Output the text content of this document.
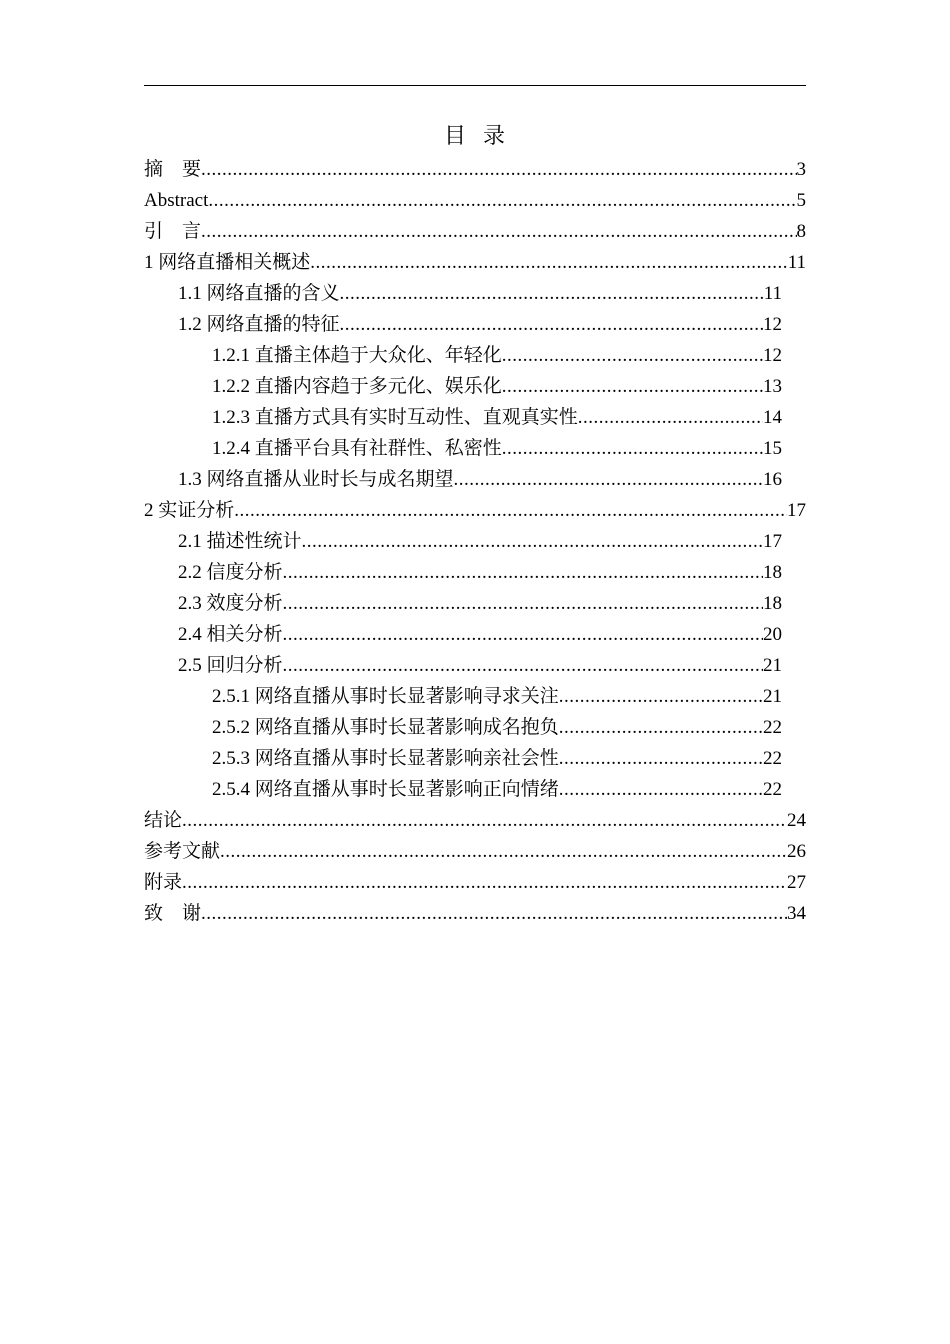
目  录
摘    要 .....	3
Abstract .....	5
引    言 .....	8
1 网络直播相关概述 .....	11
1.1 网络直播的含义 .....	11
1.2 网络直播的特征 .....	12
1.2.1 直播主体趋于大众化、年轻化 .....	12
1.2.2 直播内容趋于多元化、娱乐化 .....	13
1.2.3 直播方式具有实时互动性、直观真实性 .....	14
1.2.4 直播平台具有社群性、私密性 .....	15
1.3 网络直播从业时长与成名期望 .....	16
2 实证分析 .....	17
2.1 描述性统计 .....	17
2.2 信度分析 .....	18
2.3 效度分析 .....	18
2.4 相关分析 .....	20
2.5 回归分析 .....	21
2.5.1 网络直播从事时长显著影响寻求关注 .....	21
2.5.2 网络直播从事时长显著影响成名抱负 .....	22
2.5.3 网络直播从事时长显著影响亲社会性 .....	22
2.5.4 网络直播从事时长显著影响正向情绪 .....	22
结论 .....	24
参考文献 .....	26
附录 .....	27
致    谢 .....	34
